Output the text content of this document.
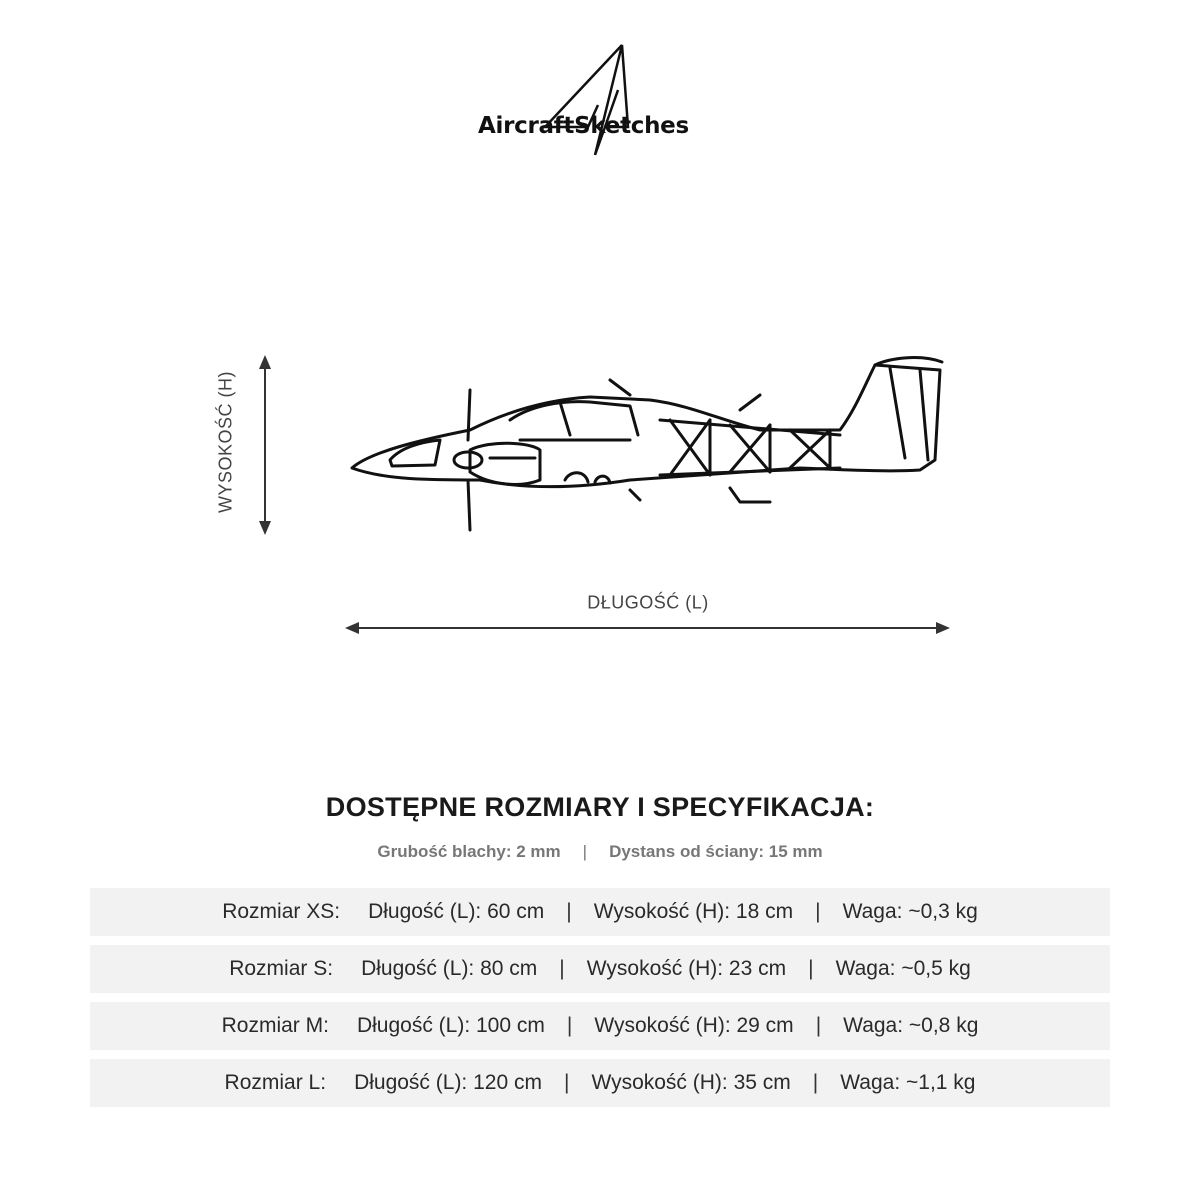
AircraftSketches
WYSOKOŚĆ (H)
DŁUGOŚĆ (L)
DOSTĘPNE ROZMIARY I SPECYFIKACJA:
Grubość blachy: 2 mm | Dystans od ściany: 15 mm
Rozmiar XS: Długość (L): 60 cm | Wysokość (H): 18 cm | Waga: ~0,3 kg
Rozmiar S: Długość (L): 80 cm | Wysokość (H): 23 cm | Waga: ~0,5 kg
Rozmiar M: Długość (L): 100 cm | Wysokość (H): 29 cm | Waga: ~0,8 kg
Rozmiar L: Długość (L): 120 cm | Wysokość (H): 35 cm | Waga: ~1,1 kg
